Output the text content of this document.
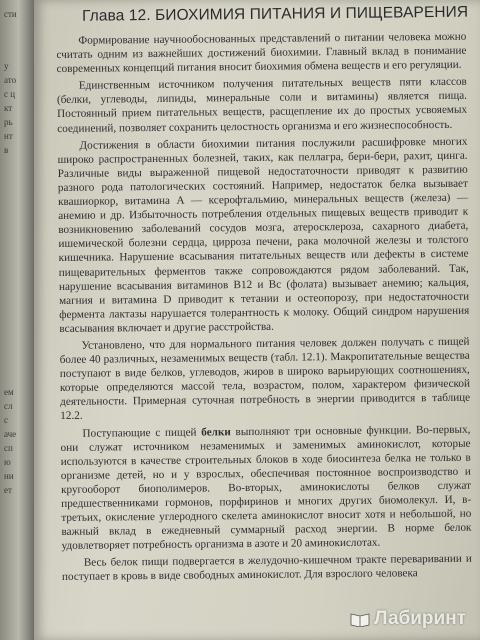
сти
у
ато
с ц
кт
рь
нт
в
ем
сл
с
аче
сп
ю
ни
ет
Глава 12. БИОХИМИЯ ПИТАНИЯ И ПИЩЕВАРЕНИЯ

Формирование научнообоснованных представлений о питании человека можно считать одним из важнейших достижений биохимии. Главный вклад в понимание современных концепций питания вносит биохимия обмена веществ и его регуляции.

Единственным источником получения питательных веществ пяти классов (белки, углеводы, липиды, минеральные соли и витамины) является пища. Постоянный прием питательных веществ, расщепление их до простых усвояемых соединений, позволяет сохранить целостность организма и его жизнеспособность.

Достижения в области биохимии питания послужили расшифровке многих широко распространенных болезней, таких, как пеллагра, бери-бери, рахит, цинга. Различные виды выраженной пищевой недостаточности приводят к развитию разного рода патологических состояний. Например, недостаток белка вызывает квашиоркор, витамина А — ксерофтальмию, минеральных веществ (железа) — анемию и др. Избыточность потребления отдельных пищевых веществ приводит к возникновению заболеваний сосудов мозга, атеросклероза, сахарного диабета, ишемической болезни сердца, цирроза печени, рака молочной железы и толстого кишечника. Нарушение всасывания питательных веществ или дефекты в системе пищеварительных ферментов также сопровождаются рядом заболеваний. Так, нарушение всасывания витаминов B12 и Bc (фолата) вызывает анемию; кальция, магния и витамина D приводит к тетании и остеопорозу, при недостаточности фермента лактазы нарушается толерантность к молоку. Общий синдром нарушения всасывания включает и другие расстройства.

Установлено, что для нормального питания человек должен получать с пищей более 40 различных, незаменимых веществ (табл. 12.1). Макропитательные вещества поступают в виде белков, углеводов, жиров в широко варьирующих соотношениях, которые определяются массой тела, возрастом, полом, характером физической деятельности. Примерная суточная потребность в энергии приводится в таблице 12.2.

Поступающие с пищей белки выполняют три основные функции. Во-первых, они служат источником незаменимых и заменимых аминокислот, которые используются в качестве строительных блоков в ходе биосинтеза белка не только в организме детей, но и у взрослых, обеспечивая постоянное воспроизводство и кругооборот биополимеров. Во-вторых, аминокислоты белков служат предшественниками гормонов, порфиринов и многих других биомолекул. И, в-третьих, окисление углеродного скелета аминокислот вносит хотя и небольшой, но важный вклад в ежедневный суммарный расход энергии. В норме белок удовлетворяет потребность организма в азоте и 20 аминокислотах.

Весь белок пищи подвергается в желудочно-кишечном тракте переваривании и поступает в кровь в виде свободных аминокислот. Для взрослого человека

Лабиринт
